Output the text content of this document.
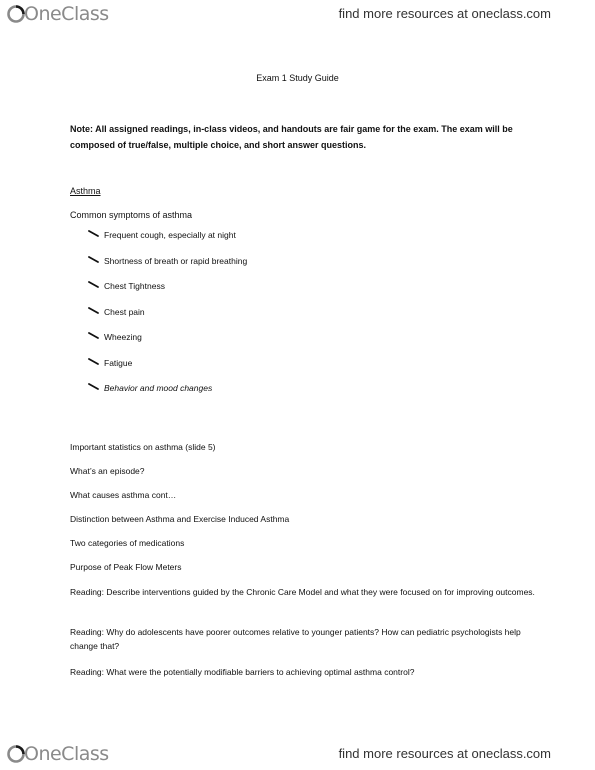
OneClass	find more resources at oneclass.com
Exam 1 Study Guide
Note: All assigned readings, in-class videos, and handouts are fair game for the exam. The exam will be composed of true/false, multiple choice, and short answer questions.
Asthma
Common symptoms of asthma
Frequent cough, especially at night
Shortness of breath or rapid breathing
Chest Tightness
Chest pain
Wheezing
Fatigue
Behavior and mood changes
Important statistics on asthma (slide 5)
What’s an episode?
What causes asthma cont…
Distinction between Asthma and Exercise Induced Asthma
Two categories of medications
Purpose of Peak Flow Meters
Reading: Describe interventions guided by the Chronic Care Model and what they were focused on for improving outcomes.
Reading: Why do adolescents have poorer outcomes relative to younger patients? How can pediatric psychologists help change that?
Reading: What were the potentially modifiable barriers to achieving optimal asthma control?
OneClass	find more resources at oneclass.com
